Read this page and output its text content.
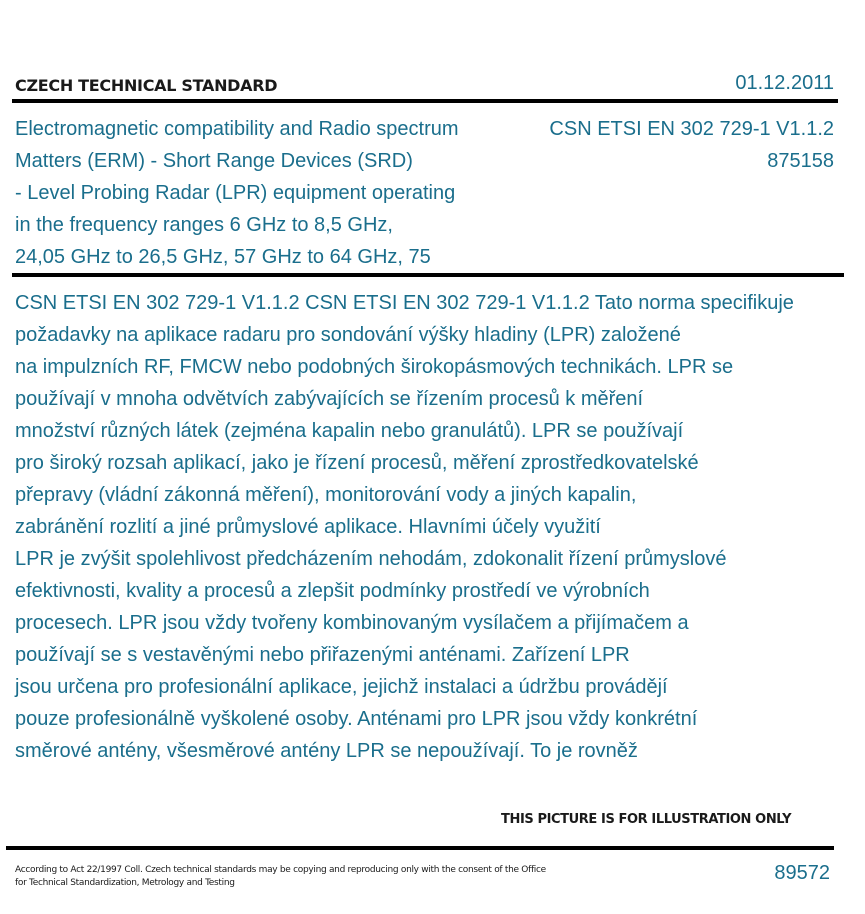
CZECH TECHNICAL STANDARD	01.12.2011
Electromagnetic compatibility and Radio spectrum
Matters (ERM) - Short Range Devices (SRD)
- Level Probing Radar (LPR) equipment operating
in the frequency ranges 6 GHz to 8,5 GHz,
24,05 GHz to 26,5 GHz, 57 GHz to 64 GHz, 75
CSN ETSI EN 302 729-1 V1.1.2
875158
CSN ETSI EN 302 729-1 V1.1.2 CSN ETSI EN 302 729-1 V1.1.2 Tato norma specifikuje
požadavky na aplikace radaru pro sondování výšky hladiny (LPR) založené
na impulzních RF, FMCW nebo podobných širokopásmových technikách. LPR se
používají v mnoha odvětvích zabývajících se řízením procesů k měření
množství různých látek (zejména kapalin nebo granulátů). LPR se používají
pro široký rozsah aplikací, jako je řízení procesů, měření zprostředkovatelské
přepravy (vládní zákonná měření), monitorování vody a jiných kapalin,
zabránění rozlití a jiné průmyslové aplikace. Hlavními účely využití
LPR je zvýšit spolehlivost předcházením nehodám, zdokonalit řízení průmyslové
efektivnosti, kvality a procesů a zlepšit podmínky prostředí ve výrobních
procesech. LPR jsou vždy tvořeny kombinovaným vysílačem a přijímačem a
používají se s vestavěnými nebo přiřazenými anténami. Zařízení LPR
jsou určena pro profesionální aplikace, jejichž instalaci a údržbu provádějí
pouze profesionálně vyškolené osoby. Anténami pro LPR jsou vždy konkrétní
směrové antény, všesměrové antény LPR se nepoužívají. To je rovněž
THIS PICTURE IS FOR ILLUSTRATION ONLY
According to Act 22/1997 Coll. Czech technical standards may be copying and reproducing only with the consent of the Office
for Technical Standardization, Metrology and Testing	89572
